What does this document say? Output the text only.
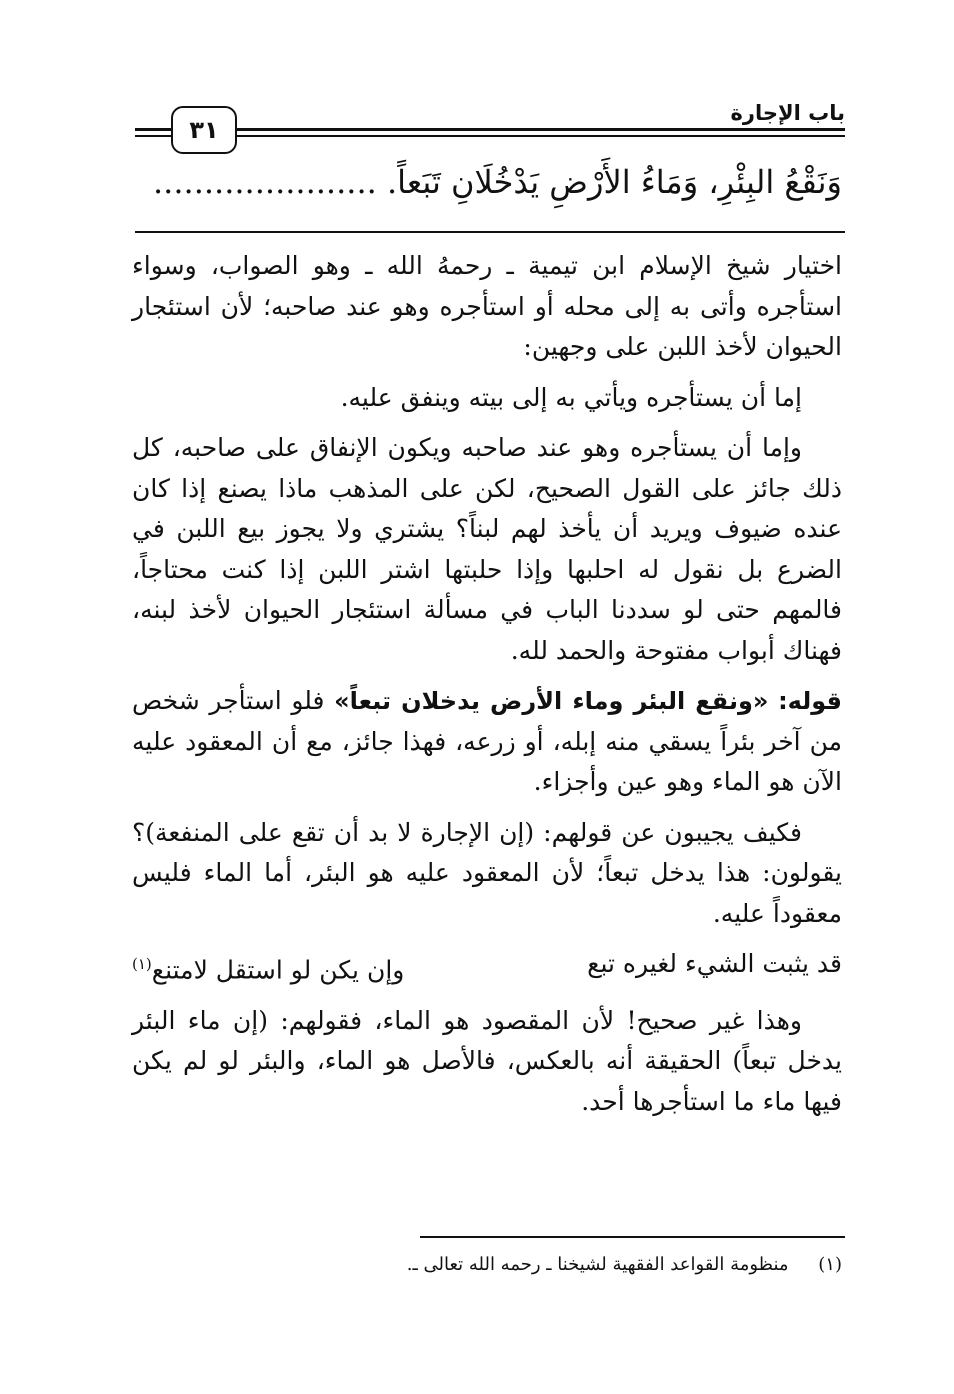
باب الإجارة
٣١
وَنَقْعُ البِئْرِ، وَمَاءُ الأَرْضِ يَدْخُلَانِ تَبَعاً. ......................

اختيار شيخ الإسلام ابن تيمية ـ رحمهُ الله ـ وهو الصواب، وسواء استأجره وأتى به إلى محله أو استأجره وهو عند صاحبه؛ لأن استئجار الحيوان لأخذ اللبن على وجهين:

إما أن يستأجره ويأتي به إلى بيته وينفق عليه.

وإما أن يستأجره وهو عند صاحبه ويكون الإنفاق على صاحبه، كل ذلك جائز على القول الصحيح، لكن على المذهب ماذا يصنع إذا كان عنده ضيوف ويريد أن يأخذ لهم لبناً؟ يشتري ولا يجوز بيع اللبن في الضرع بل نقول له احلبها وإذا حلبتها اشتر اللبن إذا كنت محتاجاً، فالمهم حتى لو سددنا الباب في مسألة استئجار الحيوان لأخذ لبنه، فهناك أبواب مفتوحة والحمد لله.

قوله: «ونقع البئر وماء الأرض يدخلان تبعاً» فلو استأجر شخص من آخر بئراً يسقي منه إبله، أو زرعه، فهذا جائز، مع أن المعقود عليه الآن هو الماء وهو عين وأجزاء.

فكيف يجيبون عن قولهم: (إن الإجارة لا بد أن تقع على المنفعة)؟ يقولون: هذا يدخل تبعاً؛ لأن المعقود عليه هو البئر، أما الماء فليس معقوداً عليه.

قد يثبت الشيء لغيره تبع
وإن يكن لو استقل لامتنع$^{(١)}$

وهذا غير صحيح! لأن المقصود هو الماء، فقولهم: (إن ماء البئر يدخل تبعاً) الحقيقة أنه بالعكس، فالأصل هو الماء، والبئر لو لم يكن فيها ماء ما استأجرها أحد.

(١) منظومة القواعد الفقهية لشيخنا ـ رحمه الله تعالى ـ.
